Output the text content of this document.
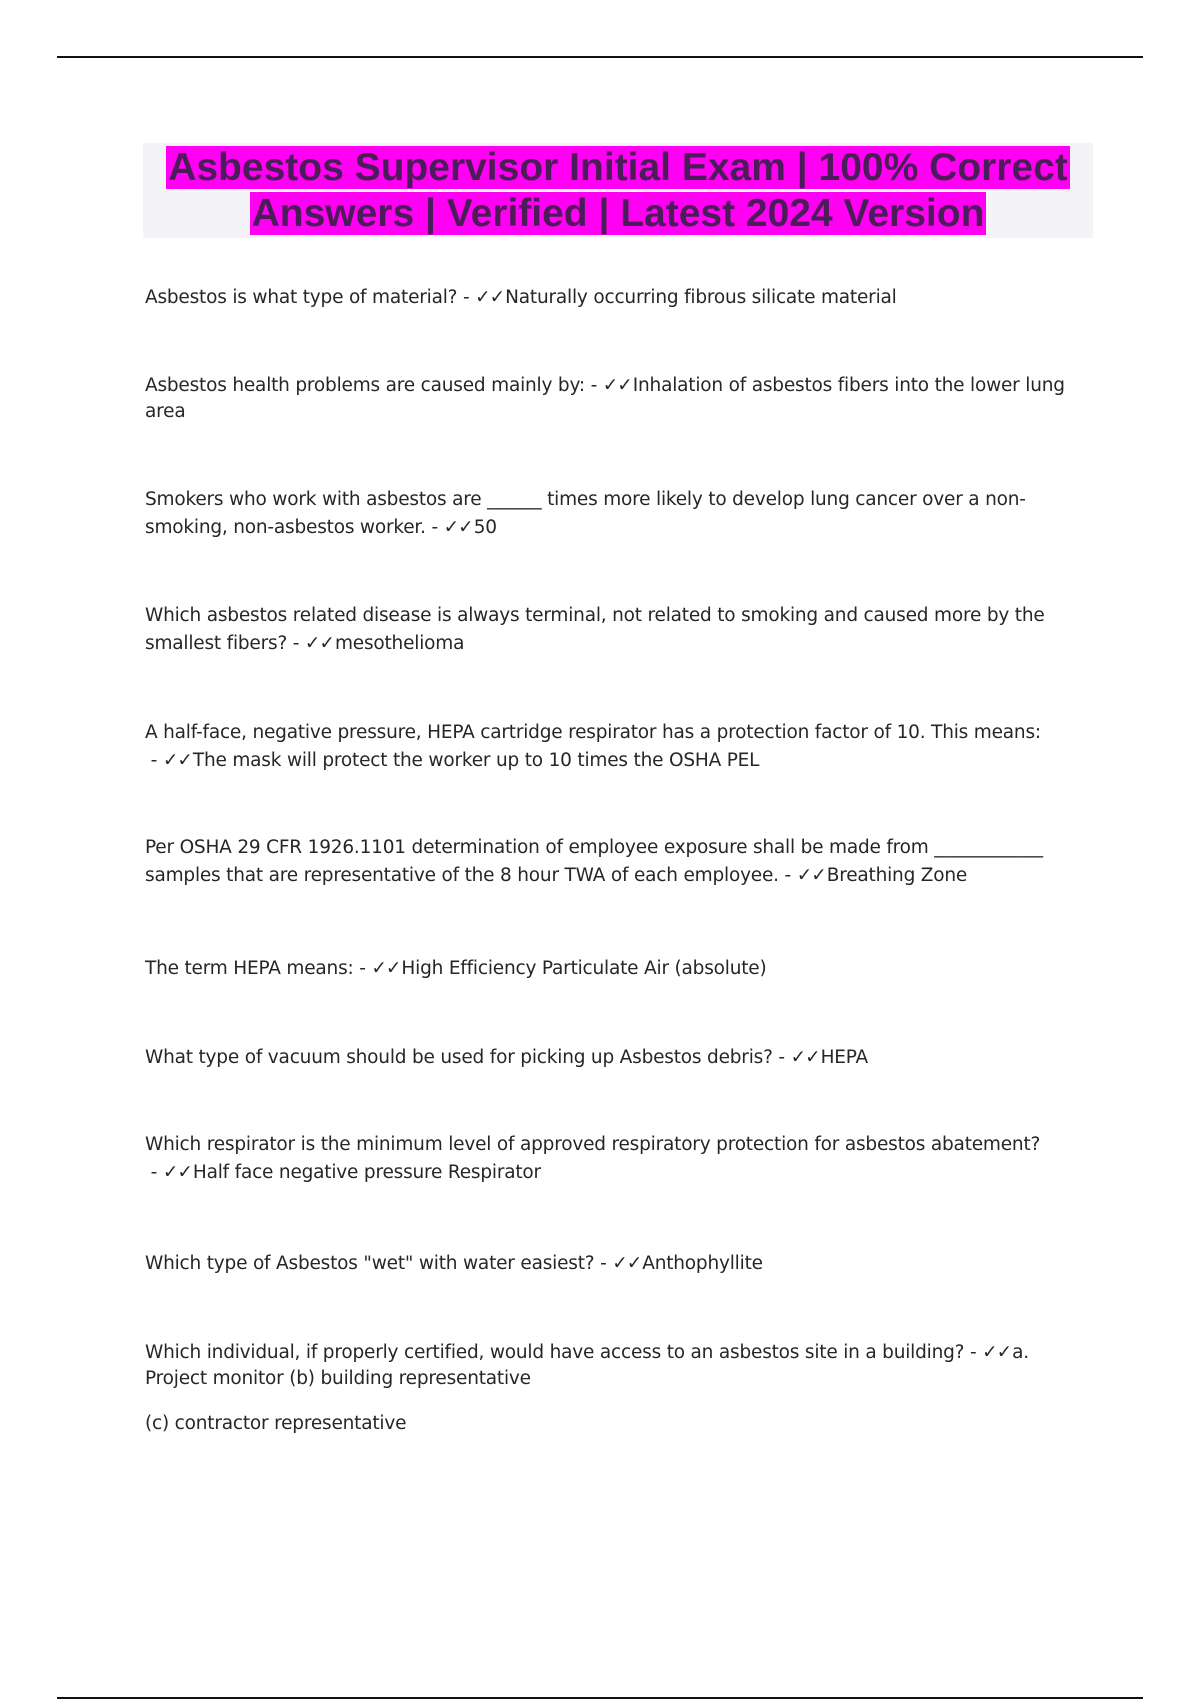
Asbestos Supervisor Initial Exam | 100% Correct
Answers | Verified | Latest 2024 Version

Asbestos is what type of material? - ✓✓Naturally occurring fibrous silicate material

Asbestos health problems are caused mainly by: - ✓✓Inhalation of asbestos fibers into the lower lung area

Smokers who work with asbestos are ______ times more likely to develop lung cancer over a non-smoking, non-asbestos worker. - ✓✓50

Which asbestos related disease is always terminal, not related to smoking and caused more by the smallest fibers? - ✓✓mesothelioma

A half-face, negative pressure, HEPA cartridge respirator has a protection factor of 10. This means: - ✓✓The mask will protect the worker up to 10 times the OSHA PEL

Per OSHA 29 CFR 1926.1101 determination of employee exposure shall be made from ____________ samples that are representative of the 8 hour TWA of each employee. - ✓✓Breathing Zone

The term HEPA means: - ✓✓High Efficiency Particulate Air (absolute)

What type of vacuum should be used for picking up Asbestos debris? - ✓✓HEPA

Which respirator is the minimum level of approved respiratory protection for asbestos abatement? - ✓✓Half face negative pressure Respirator

Which type of Asbestos "wet" with water easiest? - ✓✓Anthophyllite

Which individual, if properly certified, would have access to an asbestos site in a building? - ✓✓a. Project monitor (b) building representative

(c) contractor representative
